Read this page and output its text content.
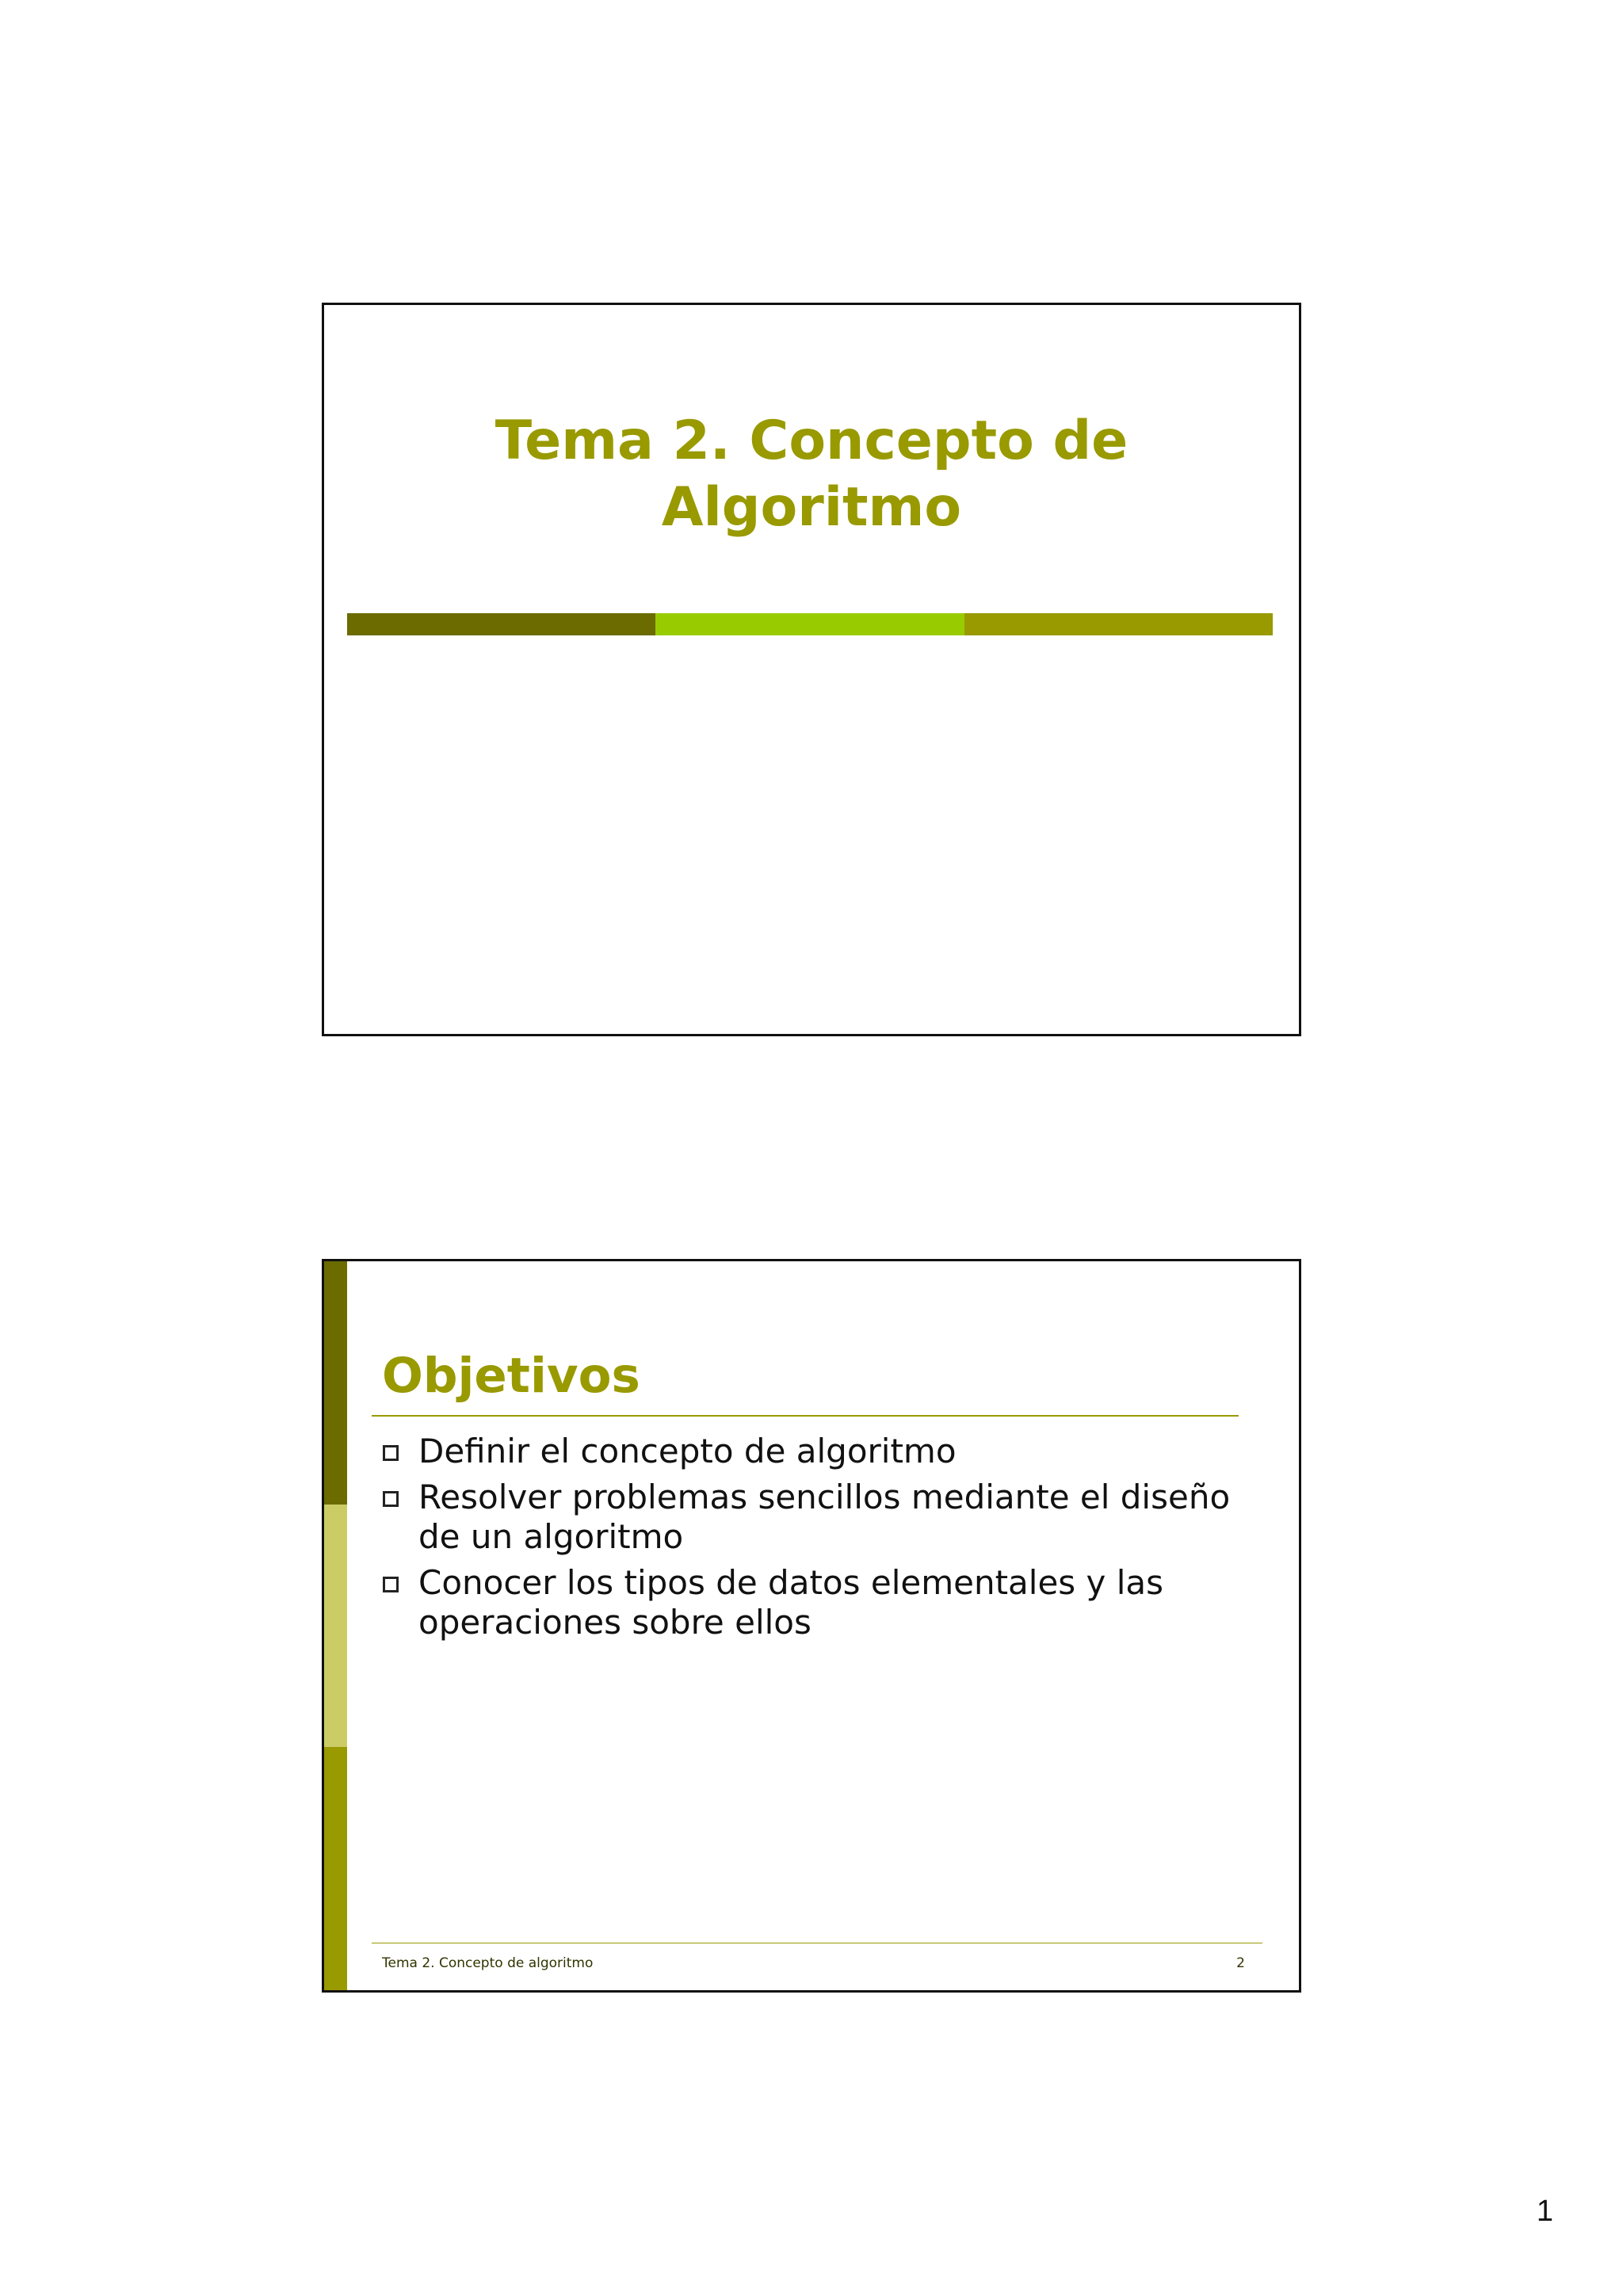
Tema 2. Concepto de
Algoritmo
Objetivos
Definir el concepto de algoritmo
Resolver problemas sencillos mediante el diseño
de un algoritmo
Conocer los tipos de datos elementales y las
operaciones sobre ellos
Tema 2. Concepto de algoritmo	2
1
